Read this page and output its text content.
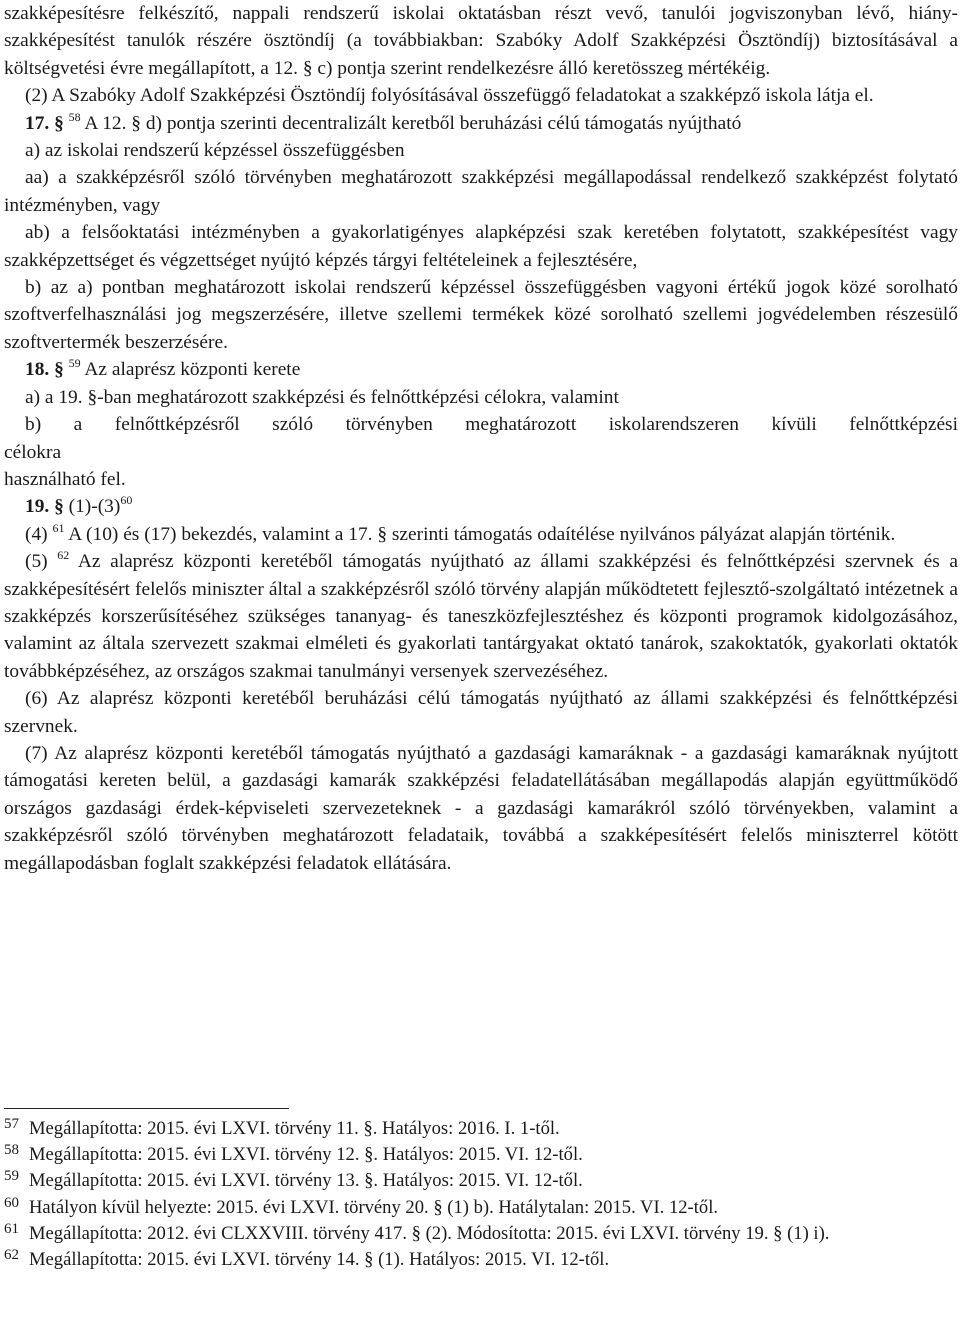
szakképesítésre felkészítő, nappali rendszerű iskolai oktatásban részt vevő, tanulói jogviszonyban lévő, hiány-szakképesítést tanulók részére ösztöndíj (a továbbiakban: Szabóky Adolf Szakképzési Ösztöndíj) biztosításával a költségvetési évre megállapított, a 12. § c) pontja szerint rendelkezésre álló keretösszeg mértékéig.

(2) A Szabóky Adolf Szakképzési Ösztöndíj folyósításával összefüggő feladatokat a szakképző iskola látja el.

17. § $^{58}$ A 12. § d) pontja szerinti decentralizált keretből beruházási célú támogatás nyújtható

a) az iskolai rendszerű képzéssel összefüggésben

aa) a szakképzésről szóló törvényben meghatározott szakképzési megállapodással rendelkező szakképzést folytató intézményben, vagy

ab) a felsőoktatási intézményben a gyakorlatigényes alapképzési szak keretében folytatott, szakképesítést vagy szakképzettséget és végzettséget nyújtó képzés tárgyi feltételeinek a fejlesztésére,

b) az a) pontban meghatározott iskolai rendszerű képzéssel összefüggésben vagyoni értékű jogok közé sorolható szoftverfelhasználási jog megszerzésére, illetve szellemi termékek közé sorolható szellemi jogvédelemben részesülő szoftvertermék beszerzésére.

18. § $^{59}$ Az alaprész központi kerete

a) a 19. §-ban meghatározott szakképzési és felnőttképzési célokra, valamint

b) a felnőttképzésről szóló törvényben meghatározott iskolarendszeren kívüli felnőttképzési

célokra

használható fel.

19. § $(1)-(3)^{60}$

(4) $^{61}$ A (10) és (17) bekezdés, valamint a 17. § szerinti támogatás odaítélése nyilvános pályázat alapján történik.

(5) $^{62}$ Az alaprész központi keretéből támogatás nyújtható az állami szakképzési és felnőttképzési szervnek és a szakképesítésért felelős miniszter által a szakképzésről szóló törvény alapján működtetett fejlesztő-szolgáltató intézetnek a szakképzés korszerűsítéséhez szükséges tananyag- és taneszközfejlesztéshez és központi programok kidolgozásához, valamint az általa szervezett szakmai elméleti és gyakorlati tantárgyakat oktató tanárok, szakoktatók, gyakorlati oktatók továbbképzéséhez, az országos szakmai tanulmányi versenyek szervezéséhez.

(6) Az alaprész központi keretéből beruházási célú támogatás nyújtható az állami szakképzési és felnőttképzési szervnek.

(7) Az alaprész központi keretéből támogatás nyújtható a gazdasági kamaráknak - a gazdasági kamaráknak nyújtott támogatási kereten belül, a gazdasági kamarák szakképzési feladatellátásában megállapodás alapján együttműködő országos gazdasági érdek-képviseleti szervezeteknek - a gazdasági kamarákról szóló törvényekben, valamint a szakképzésről szóló törvényben meghatározott feladataik, továbbá a szakképesítésért felelős miniszterrel kötött megállapodásban foglalt szakképzési feladatok ellátására.

$^{57}$ Megállapította: 2015. évi LXVI. törvény 11. §. Hatályos: 2016. I. 1-től.

$^{58}$ Megállapította: 2015. évi LXVI. törvény 12. §. Hatályos: 2015. VI. 12-től.

$^{59}$ Megállapította: 2015. évi LXVI. törvény 13. §. Hatályos: 2015. VI. 12-től.

$^{60}$ Hatályon kívül helyezte: 2015. évi LXVI. törvény 20. § (1) b). Hatálytalan: 2015. VI. 12-től.

$^{61}$ Megállapította: 2012. évi CLXXVIII. törvény 417. § (2). Módosította: 2015. évi LXVI. törvény 19. § (1) i).

$^{62}$ Megállapította: 2015. évi LXVI. törvény 14. § (1). Hatályos: 2015. VI. 12-től.
